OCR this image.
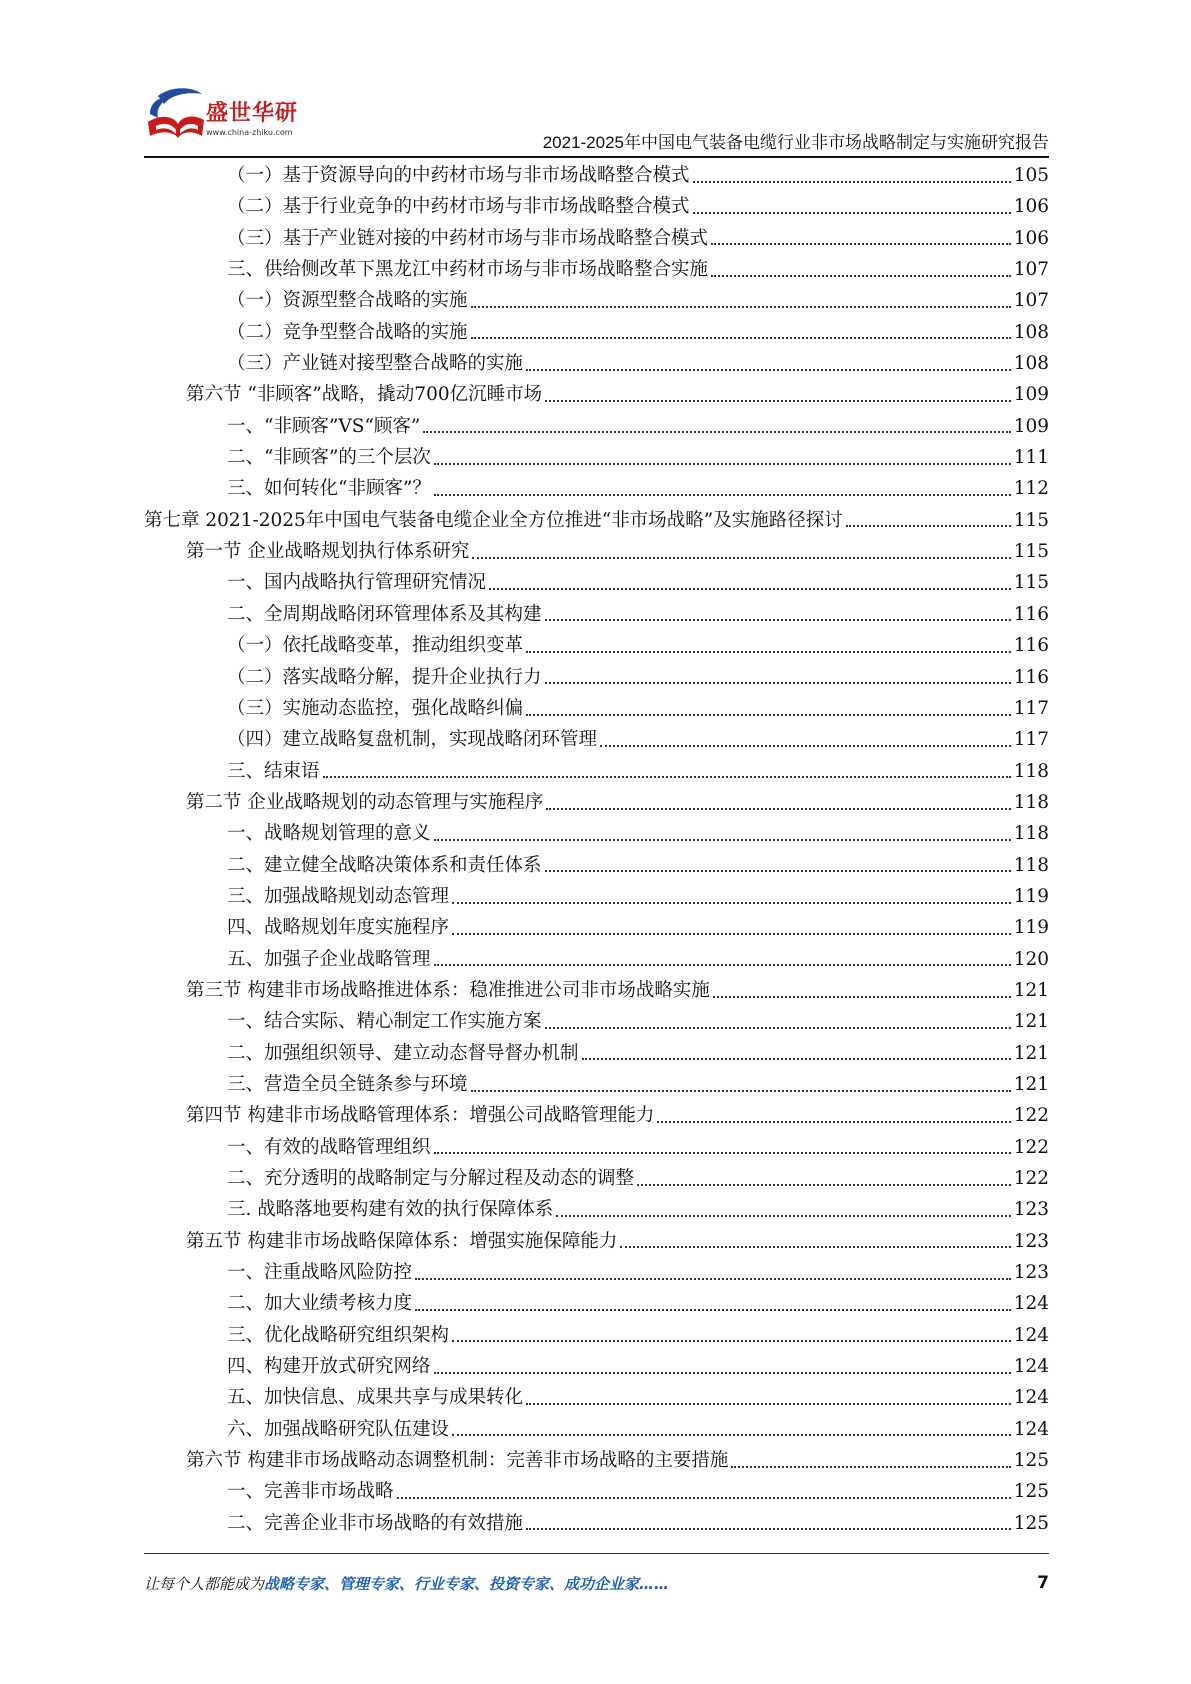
盛世华研
www.china-zhiku.com
2021-2025年中国电气装备电缆行业非市场战略制定与实施研究报告
（一）基于资源导向的中药材市场与非市场战略整合模式	105
（二）基于行业竞争的中药材市场与非市场战略整合模式	106
（三）基于产业链对接的中药材市场与非市场战略整合模式	106
三、供给侧改革下黑龙江中药材市场与非市场战略整合实施	107
（一）资源型整合战略的实施	107
（二）竞争型整合战略的实施	108
（三）产业链对接型整合战略的实施	108
第六节 “非顾客”战略，撬动700亿沉睡市场	109
一、“非顾客”VS“顾客”	109
二、“非顾客”的三个层次	111
三、如何转化“非顾客”？	112
第七章 2021-2025年中国电气装备电缆企业全方位推进“非市场战略”及实施路径探讨	115
第一节 企业战略规划执行体系研究	115
一、国内战略执行管理研究情况	115
二、全周期战略闭环管理体系及其构建	116
（一）依托战略变革，推动组织变革	116
（二）落实战略分解，提升企业执行力	116
（三）实施动态监控，强化战略纠偏	117
（四）建立战略复盘机制，实现战略闭环管理	117
三、结束语	118
第二节 企业战略规划的动态管理与实施程序	118
一、战略规划管理的意义	118
二、建立健全战略决策体系和责任体系	118
三、加强战略规划动态管理	119
四、战略规划年度实施程序	119
五、加强子企业战略管理	120
第三节 构建非市场战略推进体系：稳准推进公司非市场战略实施	121
一、结合实际、精心制定工作实施方案	121
二、加强组织领导、建立动态督导督办机制	121
三、营造全员全链条参与环境	121
第四节 构建非市场战略管理体系：增强公司战略管理能力	122
一、有效的战略管理组织	122
二、充分透明的战略制定与分解过程及动态的调整	122
三. 战略落地要构建有效的执行保障体系	123
第五节 构建非市场战略保障体系：增强实施保障能力	123
一、注重战略风险防控	123
二、加大业绩考核力度	124
三、优化战略研究组织架构	124
四、构建开放式研究网络	124
五、加快信息、成果共享与成果转化	124
六、加强战略研究队伍建设	124
第六节 构建非市场战略动态调整机制：完善非市场战略的主要措施	125
一、完善非市场战略	125
二、完善企业非市场战略的有效措施	125
让每个人都能成为战略专家、管理专家、行业专家、投资专家、成功企业家……	7
